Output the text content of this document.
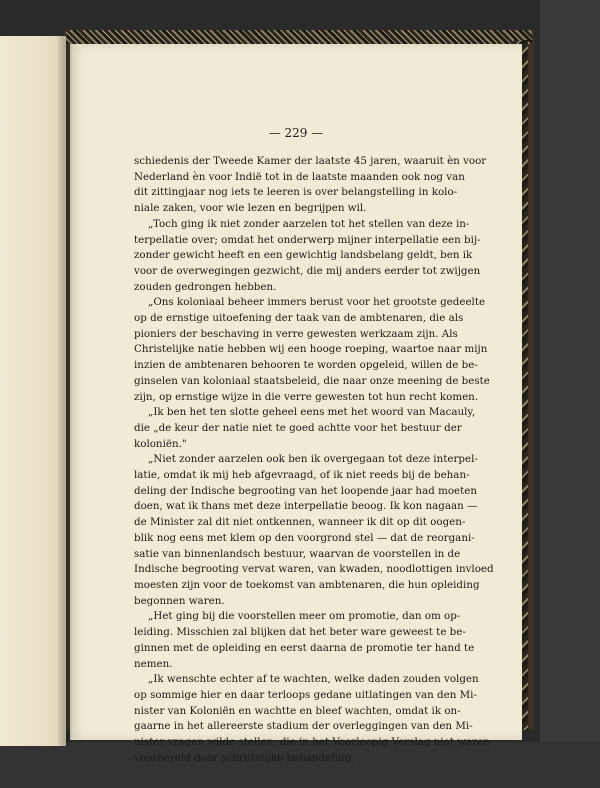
— 229 —
schiedenis der Tweede Kamer der laatste 45 jaren, waaruit èn voor
Nederland èn voor Indië tot in de laatste maanden ook nog van
dit zittingjaar nog iets te leeren is over belangstelling in kolo-
niale zaken, voor wie lezen en begrijpen wil.
„Toch ging ik niet zonder aarzelen tot het stellen van deze in-
terpellatie over; omdat het onderwerp mijner interpellatie een bij-
zonder gewicht heeft en een gewichtig landsbelang geldt, ben ik
voor de overwegingen gezwicht, die mij anders eerder tot zwijgen
zouden gedrongen hebben.
„Ons koloniaal beheer immers berust voor het grootste gedeelte
op de ernstige uitoefening der taak van de ambtenaren, die als
pioniers der beschaving in verre gewesten werkzaam zijn. Als
Christelijke natie hebben wij een hooge roeping, waartoe naar mijn
inzien de ambtenaren behooren te worden opgeleid, willen de be-
ginselen van koloniaal staatsbeleid, die naar onze meening de beste
zijn, op ernstige wijze in die verre gewesten tot hun recht komen.
„Ik ben het ten slotte geheel eens met het woord van Macauly,
die „de keur der natie niet te goed achtte voor het bestuur der
koloniën."
„Niet zonder aarzelen ook ben ik overgegaan tot deze interpel-
latie, omdat ik mij heb afgevraagd, of ik niet reeds bij de behan-
deling der Indische begrooting van het loopende jaar had moeten
doen, wat ik thans met deze interpellatie beoog. Ik kon nagaan —
de Minister zal dit niet ontkennen, wanneer ik dit op dit oogen-
blik nog eens met klem op den voorgrond stel — dat de reorgani-
satie van binnenlandsch bestuur, waarvan de voorstellen in de
Indische begrooting vervat waren, van kwaden, noodlottigen invloed
moesten zijn voor de toekomst van ambtenaren, die hun opleiding
begonnen waren.
„Het ging bij die voorstellen meer om promotie, dan om op-
leiding. Misschien zal blijken dat het beter ware geweest te be-
ginnen met de opleiding en eerst daarna de promotie ter hand te
nemen.
„Ik wenschte echter af te wachten, welke daden zouden volgen
op sommige hier en daar terloops gedane uitlatingen van den Mi-
nister van Koloniën en wachtte en bleef wachten, omdat ik on-
gaarne in het allereerste stadium der overleggingen van den Mi-
nister vragen wilde stellen, die in het Voorloopig Verslag niet waren
voorbereid door schriftelijke behandeling.
